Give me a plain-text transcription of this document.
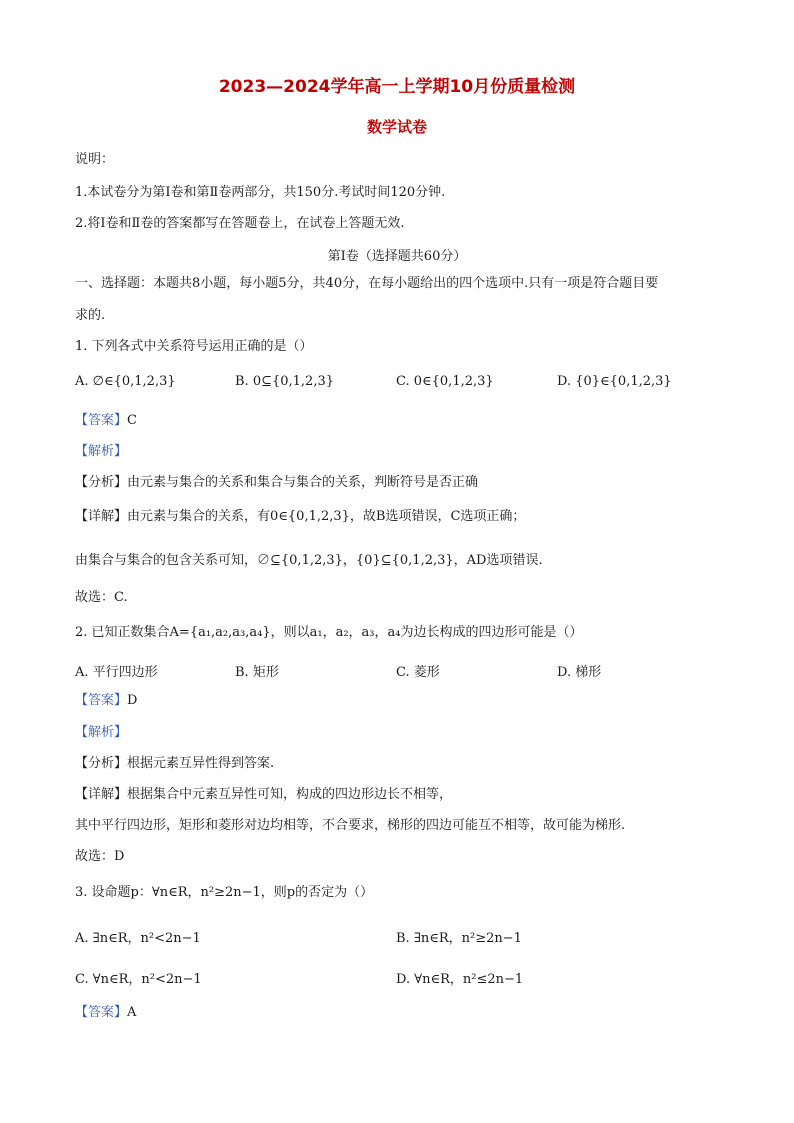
2023—2024学年高一上学期10月份质量检测
数学试卷
说明：
1.本试卷分为第Ⅰ卷和第Ⅱ卷两部分，共150分.考试时间120分钟.
2.将Ⅰ卷和Ⅱ卷的答案都写在答题卷上，在试卷上答题无效.
第Ⅰ卷（选择题共60分）
一、选择题：本题共8小题，每小题5分，共40分，在每小题给出的四个选项中.只有一项是符合题目要
求的.
1. 下列各式中关系符号运用正确的是（）
A. ∅∈{0,1,2,3}	B. 0⊆{0,1,2,3}	C. 0∈{0,1,2,3}	D. {0}∈{0,1,2,3}
【答案】C
【解析】
【分析】由元素与集合的关系和集合与集合的关系，判断符号是否正确
【详解】由元素与集合的关系，有0∈{0,1,2,3}，故B选项错误，C选项正确；
由集合与集合的包含关系可知，∅⊆{0,1,2,3}，{0}⊆{0,1,2,3}，AD选项错误.
故选：C.
2. 已知正数集合A={a₁,a₂,a₃,a₄}，则以a₁，a₂，a₃，a₄为边长构成的四边形可能是（）
A. 平行四边形	B. 矩形	C. 菱形	D. 梯形
【答案】D
【解析】
【分析】根据元素互异性得到答案.
【详解】根据集合中元素互异性可知，构成的四边形边长不相等，
其中平行四边形，矩形和菱形对边均相等，不合要求，梯形的四边可能互不相等，故可能为梯形.
故选：D
3. 设命题p：∀n∈R，n²≥2n−1，则p的否定为（）
A. ∃n∈R，n²<2n−1	B. ∃n∈R，n²≥2n−1
C. ∀n∈R，n²<2n−1	D. ∀n∈R，n²≤2n−1
【答案】A
